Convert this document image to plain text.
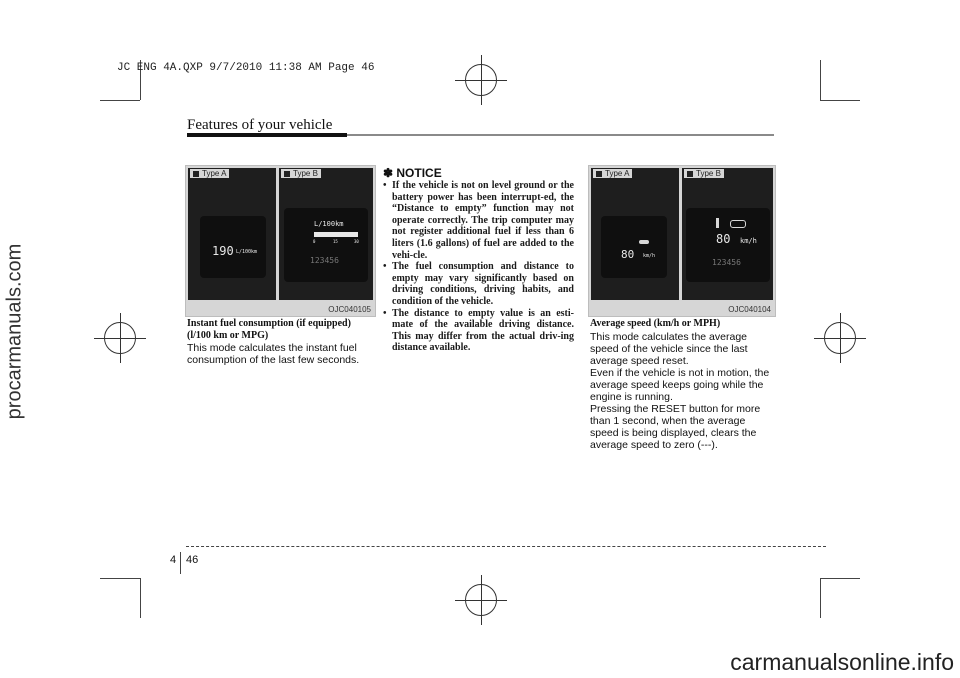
JC ENG 4A.QXP 9/7/2010 11:38 AM Page 46
procarmanuals.com
carmanualsonline.info
Features of your vehicle
Type A	Type B
190 L/100km
L/100km
0	15	30
123456
OJC040105
Instant fuel consumption (if equipped) (l/100 km or MPG)
This mode calculates the instant fuel consumption of the last few seconds.
✽ NOTICE
• If the vehicle is not on level ground or the battery power has been interrupt-ed, the “Distance to empty” function may not operate correctly. The trip computer may not register additional fuel if less than 6 liters (1.6 gallons) of fuel are added to the vehi-cle.
• The fuel consumption and distance to empty may vary significantly based on driving conditions, driving habits, and condition of the vehicle.
• The distance to empty value is an esti-mate of the available driving distance. This may differ from the actual driv-ing distance available.
Type A	Type B
80 km/h
80 km/h
123456
OJC040104
Average speed (km/h or MPH)
This mode calculates the average speed of the vehicle since the last average speed reset.
Even if the vehicle is not in motion, the average speed keeps going while the engine is running.
Pressing the RESET button for more than 1 second, when the average speed is being displayed, clears the average speed to zero (---).
4 46
